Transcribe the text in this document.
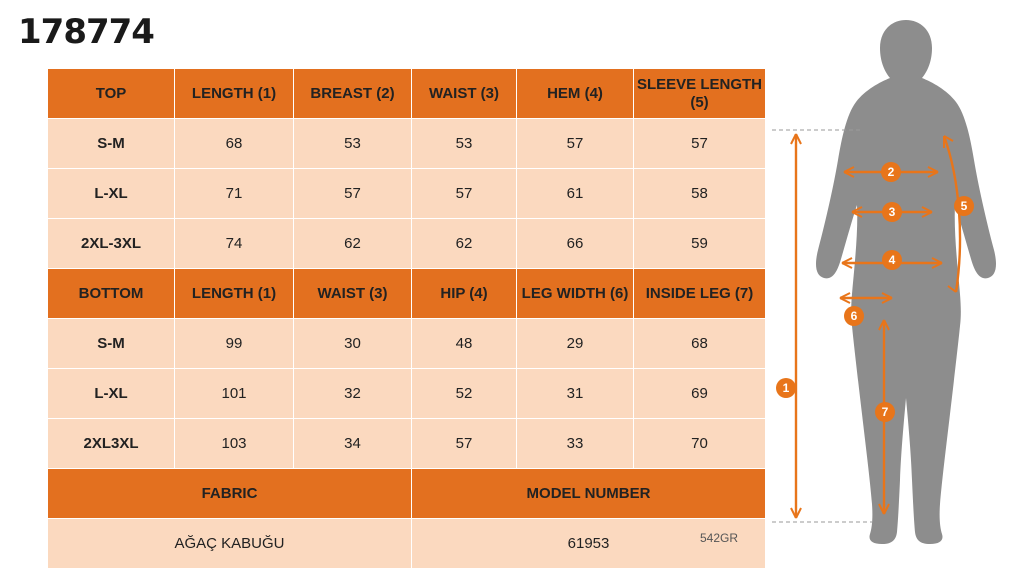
178774
TOP	LENGTH (1)	BREAST (2)	WAIST (3)	HEM (4)	SLEEVE LENGTH (5)
S-M	68	53	53	57	57
L-XL	71	57	57	61	58
2XL-3XL	74	62	62	66	59
BOTTOM	LENGTH (1)	WAIST (3)	HIP (4)	LEG WIDTH (6)	INSIDE LEG (7)
S-M	99	30	48	29	68
L-XL	101	32	52	31	69
2XL3XL	103	34	57	33	70
FABRIC			MODEL NUMBER		
AĞAÇ KABUĞU			61953			542GR
1
2
3
4
5
6
7
